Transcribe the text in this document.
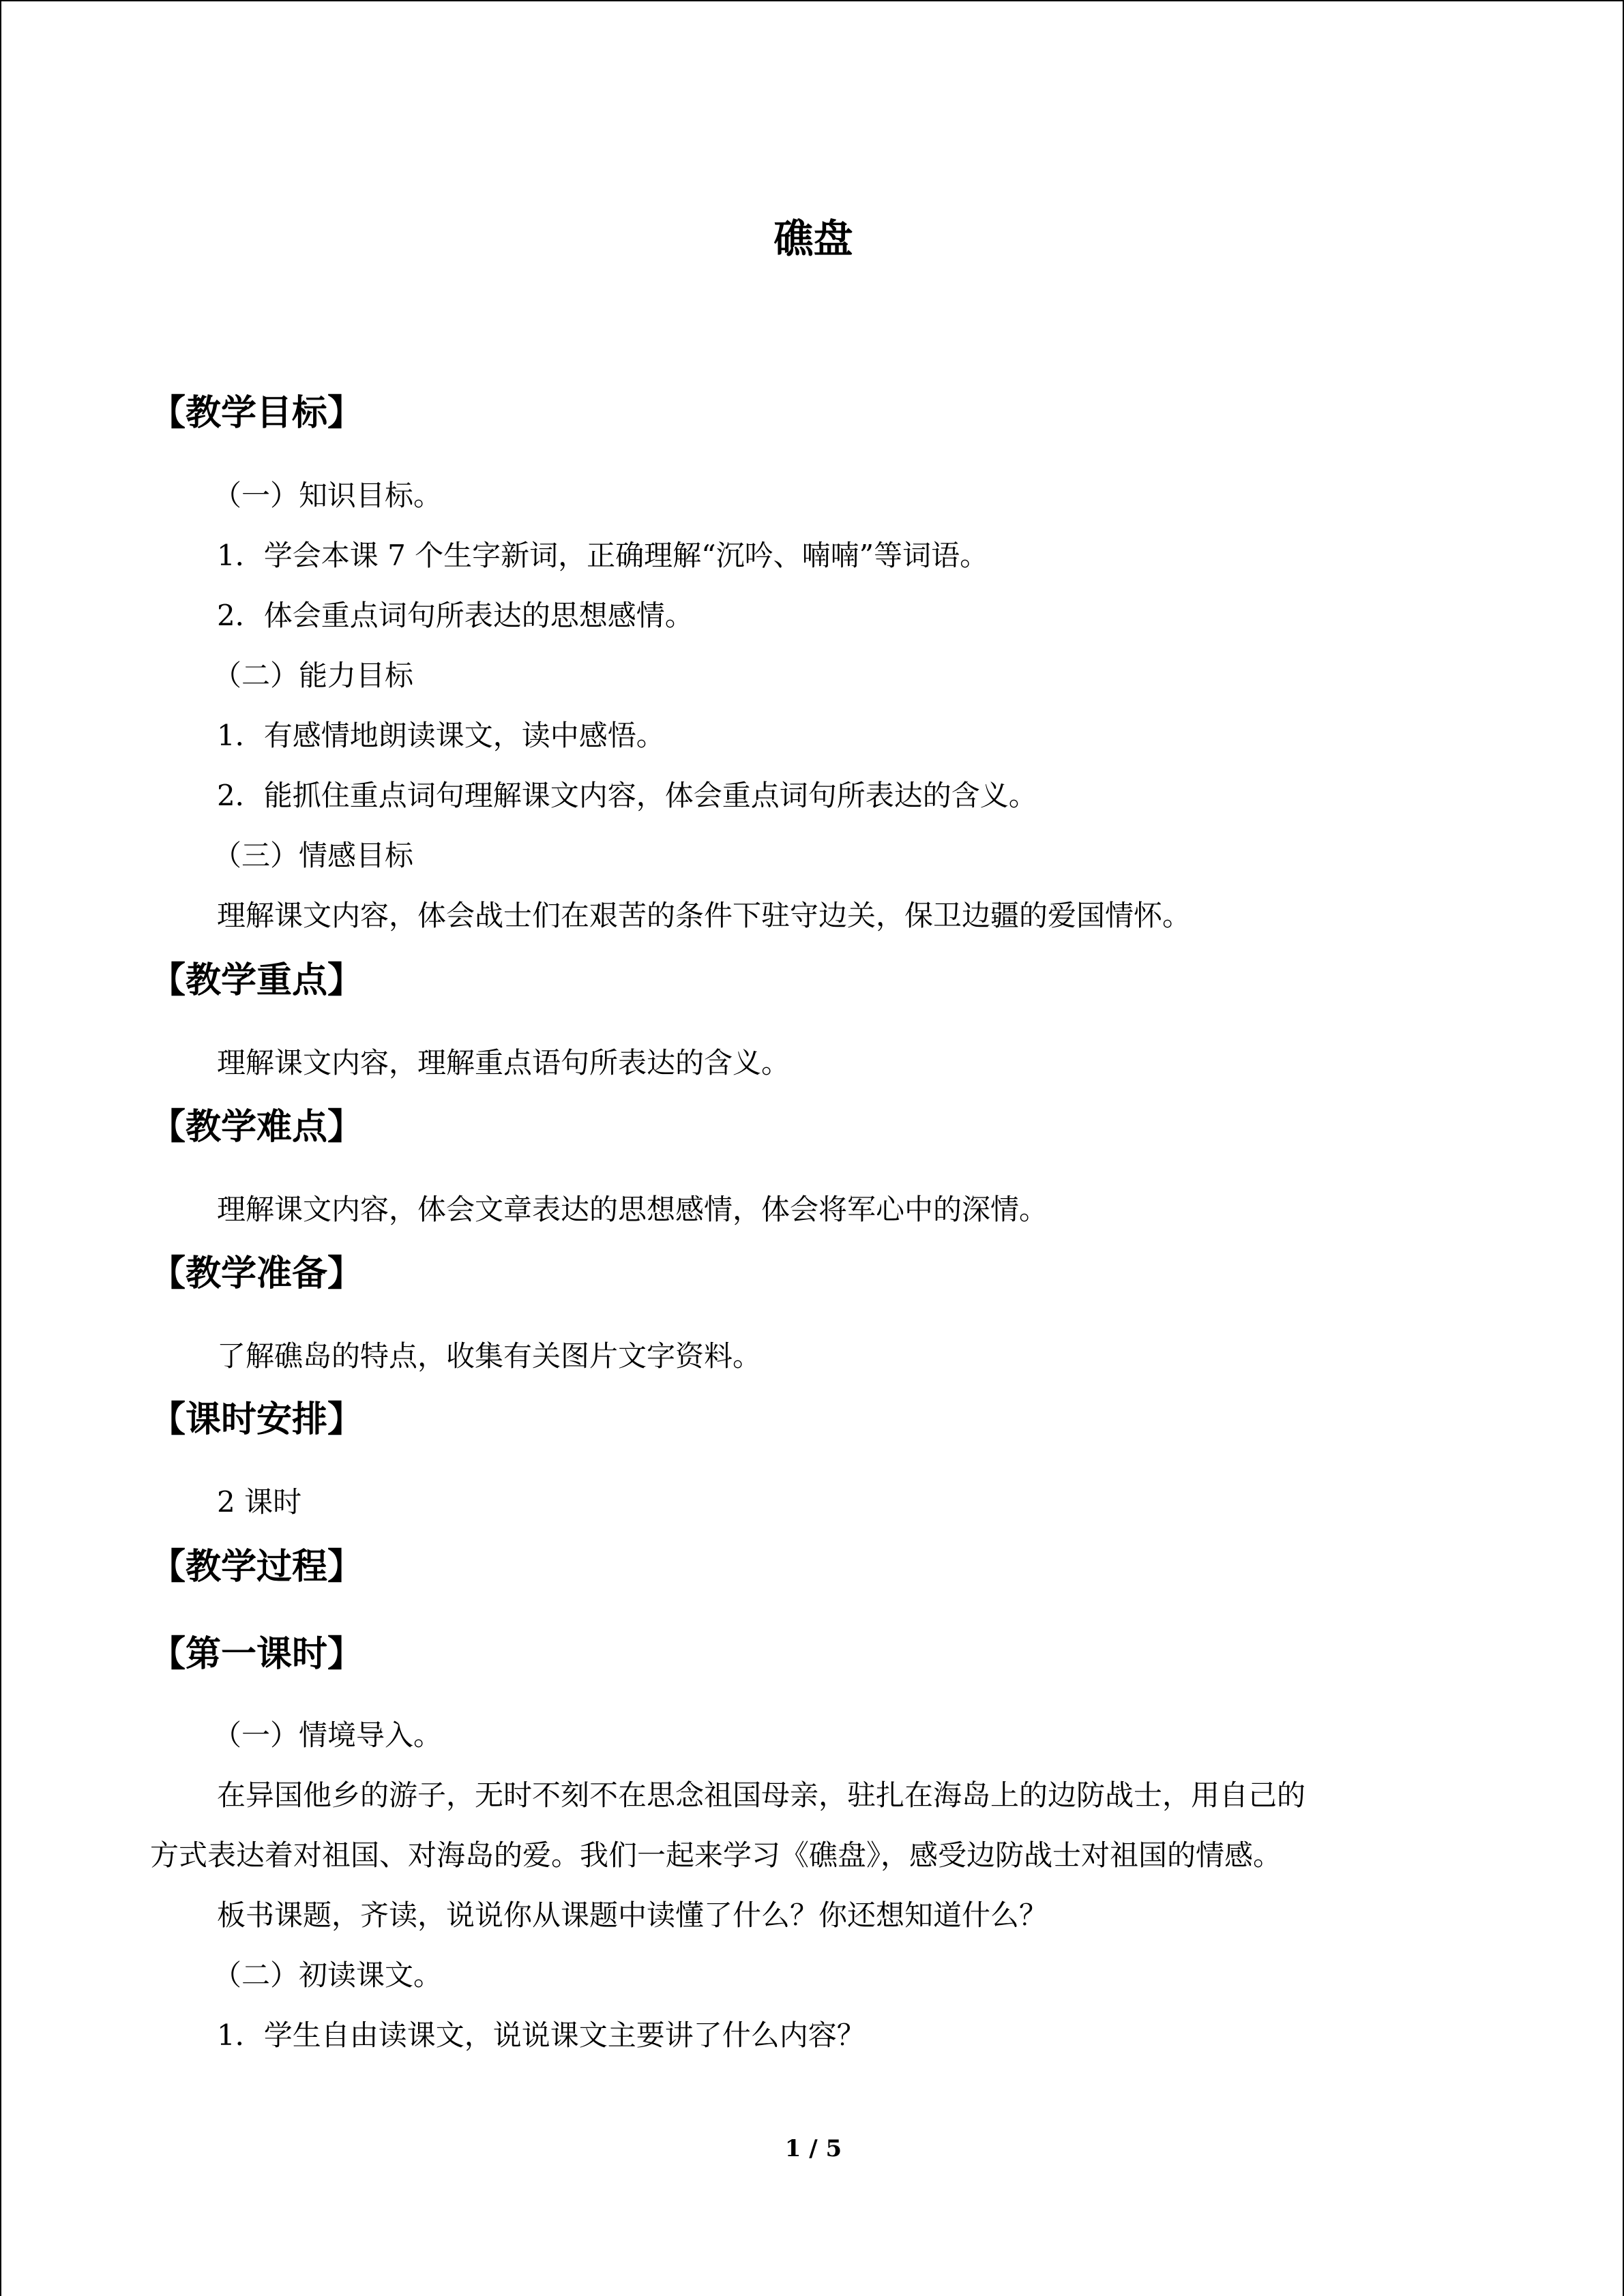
礁盘
【教学目标】
（一）知识目标。
1．学会本课 7 个生字新词，正确理解“沉吟、喃喃”等词语。
2．体会重点词句所表达的思想感情。
（二）能力目标
1．有感情地朗读课文，读中感悟。
2．能抓住重点词句理解课文内容，体会重点词句所表达的含义。
（三）情感目标
理解课文内容，体会战士们在艰苦的条件下驻守边关，保卫边疆的爱国情怀。
【教学重点】
理解课文内容，理解重点语句所表达的含义。
【教学难点】
理解课文内容，体会文章表达的思想感情，体会将军心中的深情。
【教学准备】
了解礁岛的特点，收集有关图片文字资料。
【课时安排】
2 课时
【教学过程】
【第一课时】
（一）情境导入。
在异国他乡的游子，无时不刻不在思念祖国母亲，驻扎在海岛上的边防战士，用自己的
方式表达着对祖国、对海岛的爱。我们一起来学习《礁盘》，感受边防战士对祖国的情感。
板书课题，齐读，说说你从课题中读懂了什么？你还想知道什么？
（二）初读课文。
1．学生自由读课文，说说课文主要讲了什么内容？
1 / 5
